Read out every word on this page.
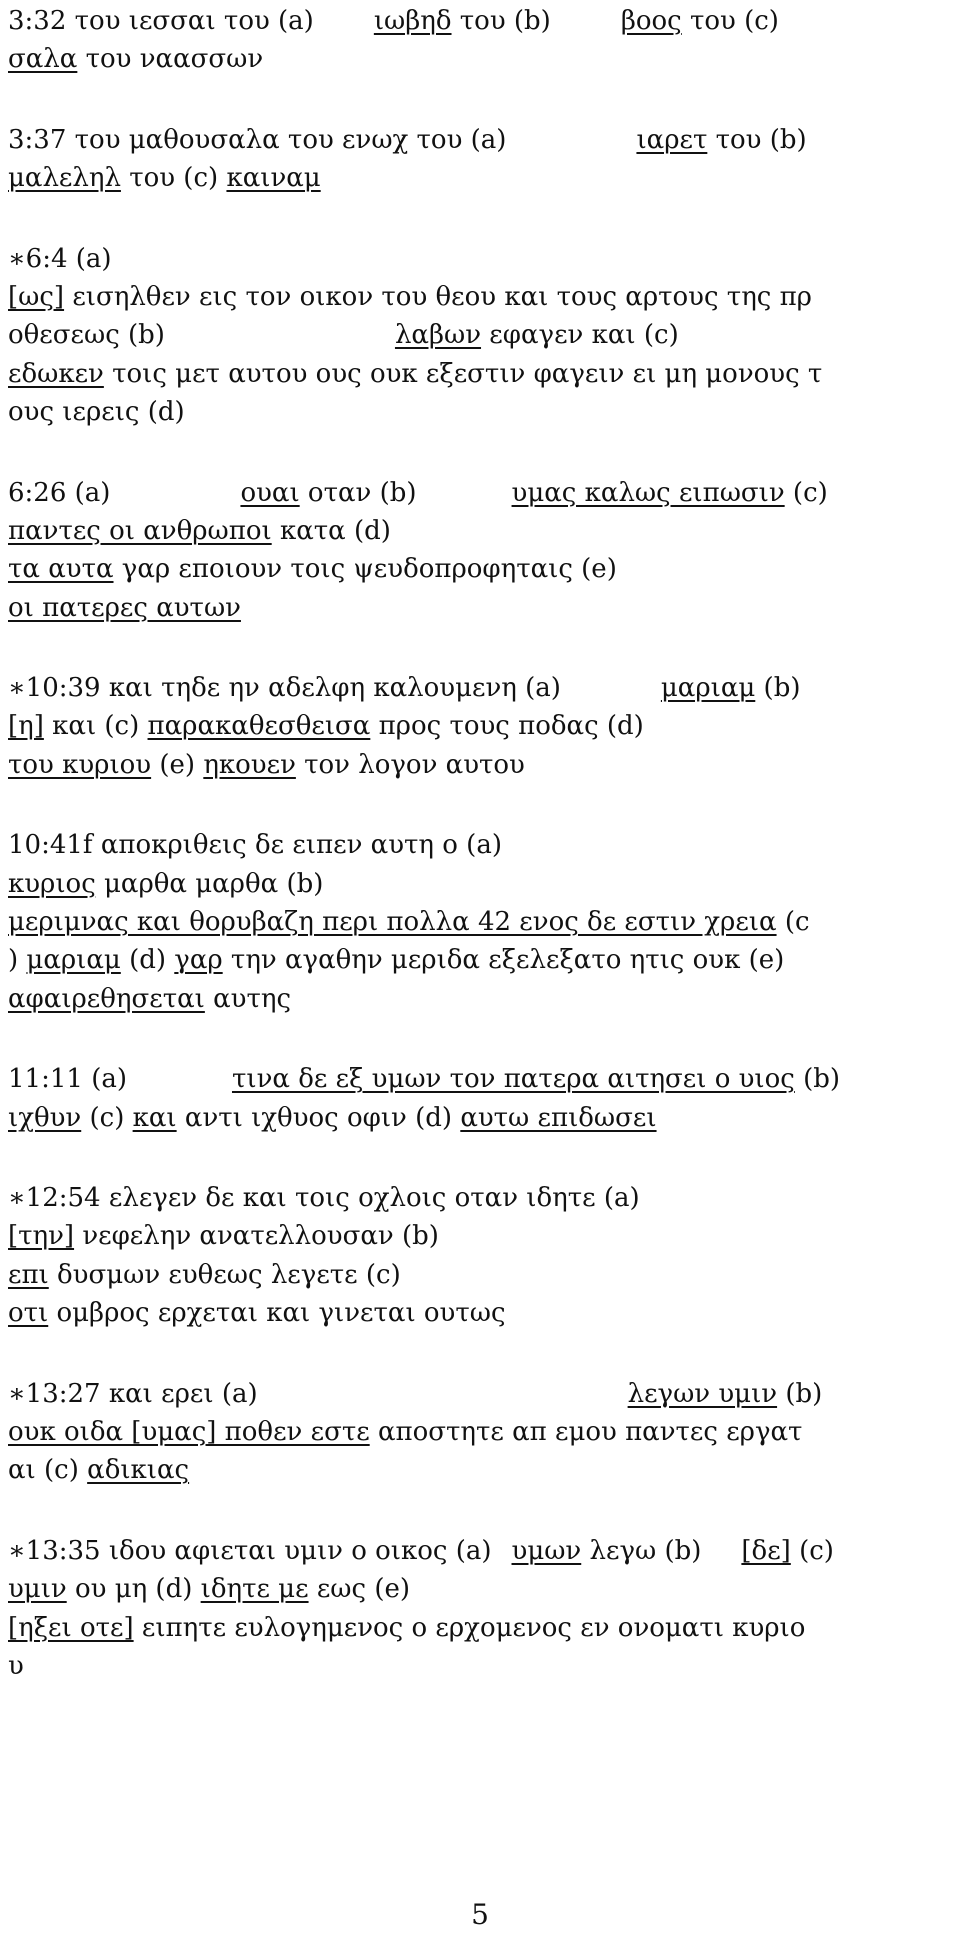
3:32 του ιεσσαι του (a) ιωβηδ του (b)	βοος του (c)
σαλα του ναασσων
3:37 του μαθουσαλα του ενωχ του (a)	ιαρετ του (b)
μαλεληλ του (c) καιναμ
∗6:4 (a)
[ως] εισηλθεν εις τον οικον του θεου και τους αρτους της πρ
οθεσεως (b)	λαβων εφαγεν και (c)
εδωκεν τοις μετ αυτου ους ουκ εξεστιν φαγειν ει μη μονους τ
ους ιερεις (d)
6:26 (a)	ουαι οταν (b)	υμας καλως ειπωσιν (c)
παντες οι ανθρωποι κατα (d)
τα αυτα γαρ εποιουν τοις ψευδοπροφηταις (e)
οι πατερες αυτων
∗10:39 και τηδε ην αδελφη καλουμενη (a)	μαριαμ (b)
[η] και (c) παρακαθεσθεισα προς τους ποδας (d)
του κυριου (e) ηκουεν τον λογον αυτου
10:41f αποκριθεις δε ειπεν αυτη ο (a)
κυριος μαρθα μαρθα (b)
μεριμνας και θορυβαζη περι πολλα 42 ενος δε εστιν χρεια (c
) μαριαμ (d) γαρ την αγαθην μεριδα εξελεξατο ητις ουκ (e)
αφαιρεθησεται αυτης
11:11 (a)	τινα δε εξ υμων τον πατερα αιτησει ο υιος (b)
ιχθυν (c) και αντι ιχθυος οφιν (d) αυτω επιδωσει
∗12:54 ελεγεν δε και τοις οχλοις οταν ιδητε (a)
[την] νεφελην ανατελλουσαν (b)
επι δυσμων ευθεως λεγετε (c)
οτι ομβρος ερχεται και γινεται ουτως
∗13:27 και ερει (a)	λεγων υμιν (b)
ουκ οιδα [υμας] ποθεν εστε αποστητε απ εμου παντες εργατ
αι (c) αδικιας
∗13:35 ιδου αφιεται υμιν ο οικος (a) υμων λεγω (b) [δε] (c)
υμιν ου μη (d) ιδητε με εως (e)
[ηξει οτε] ειπητε ευλογημενος ο ερχομενος εν ονοματι κυριο
υ
5
